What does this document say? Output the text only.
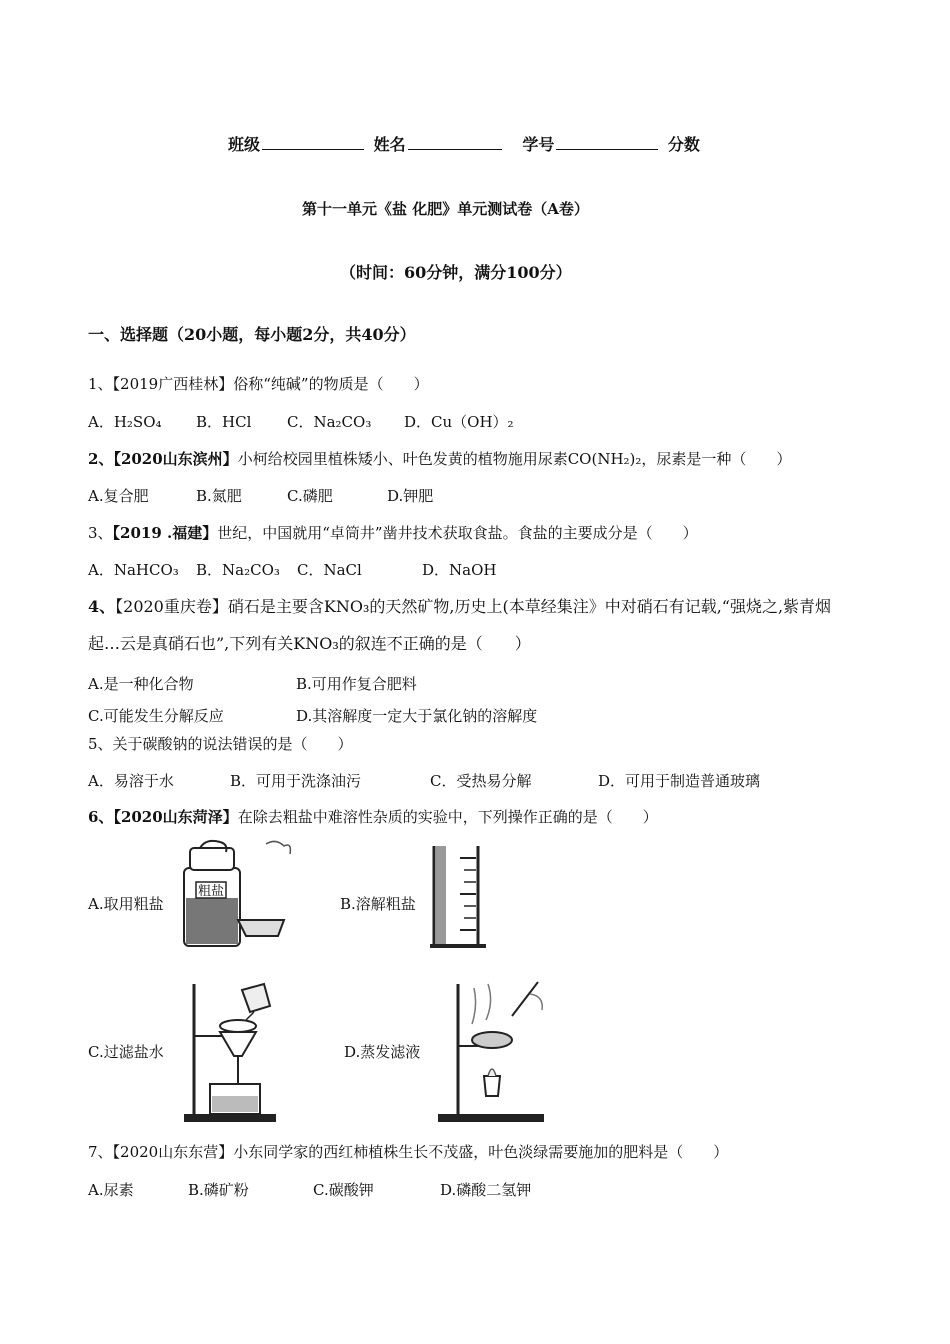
班级	姓名	学号	分数
第十一单元《盐 化肥》单元测试卷（A卷）
（时间：60分钟，满分100分）
一、选择题（20小题，每小题2分，共40分）
1、【2019广西桂林】俗称“纯碱”的物质是（　　）
A．H₂SO₄ B．HCl C．Na₂CO₃ D．Cu（OH）₂
2、【2020山东滨州】小柯给校园里植株矮小、叶色发黄的植物施用尿素CO(NH₂)₂，尿素是一种（　　）
A.复合肥	B.氮肥	C.磷肥	D.钾肥
3、【2019 .福建】世纪，中国就用“卓筒井”凿井技术获取食盐。食盐的主要成分是（　　）
A．NaHCO₃ B．Na₂CO₃ C．NaCl	D．NaOH
4、【2020重庆卷】硝石是主要含KNO₃的天然矿物,历史上(本草经集注》中对硝石有记载,“强烧之,紫青烟
起…云是真硝石也”,下列有关KNO₃的叙连不正确的是（　　）
A.是一种化合物	B.可用作复合肥料
C.可能发生分解反应	D.其溶解度一定大于氯化钠的溶解度
5、关于碳酸钠的说法错误的是（　　）
A．易溶于水	B．可用于洗涤油污	C．受热易分解	D．可用于制造普通玻璃
6、【2020山东菏泽】在除去粗盐中难溶性杂质的实验中，下列操作正确的是（　　）
A.取用粗盐	B.溶解粗盐
C.过滤盐水	D.蒸发滤液
粗盐
7、【2020山东东营】小东同学家的西红柿植株生长不茂盛，叶色淡绿需要施加的肥料是（　　）
A.尿素	B.磷矿粉	C.碳酸钾	D.磷酸二氢钾
